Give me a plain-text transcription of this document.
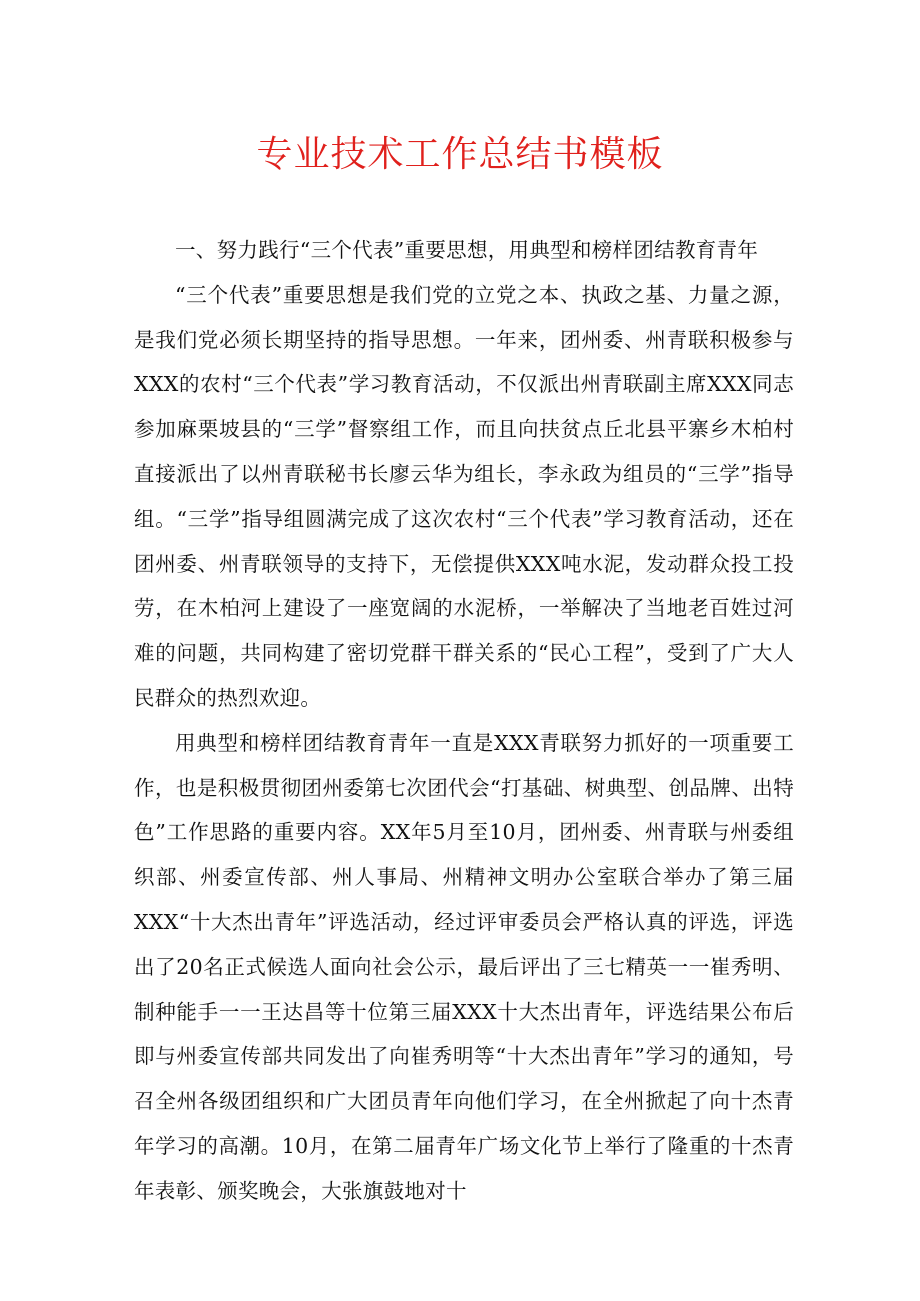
专业技术工作总结书模板

一、努力践行“三个代表”重要思想，用典型和榜样团结教育青年

“三个代表”重要思想是我们党的立党之本、执政之基、力量之源，是我们党必须长期坚持的指导思想。一年来，团州委、州青联积极参与XXX的农村“三个代表”学习教育活动，不仅派出州青联副主席XXX同志参加麻栗坡县的“三学”督察组工作，而且向扶贫点丘北县平寨乡木柏村直接派出了以州青联秘书长廖云华为组长，李永政为组员的“三学”指导组。“三学”指导组圆满完成了这次农村“三个代表”学习教育活动，还在团州委、州青联领导的支持下，无偿提供XXX吨水泥，发动群众投工投劳，在木柏河上建设了一座宽阔的水泥桥，一举解决了当地老百姓过河难的问题，共同构建了密切党群干群关系的“民心工程”，受到了广大人民群众的热烈欢迎。

用典型和榜样团结教育青年一直是XXX青联努力抓好的一项重要工作，也是积极贯彻团州委第七次团代会“打基础、树典型、创品牌、出特色”工作思路的重要内容。XX年5月至10月，团州委、州青联与州委组织部、州委宣传部、州人事局、州精神文明办公室联合举办了第三届XXX“十大杰出青年”评选活动，经过评审委员会严格认真的评选，评选出了20名正式候选人面向社会公示，最后评出了三七精英一一崔秀明、制种能手一一王达昌等十位第三届XXX十大杰出青年，评选结果公布后即与州委宣传部共同发出了向崔秀明等“十大杰出青年”学习的通知，号召全州各级团组织和广大团员青年向他们学习，在全州掀起了向十杰青年学习的高潮。10月，在第二届青年广场文化节上举行了隆重的十杰青年表彰、颁奖晚会，大张旗鼓地对十
